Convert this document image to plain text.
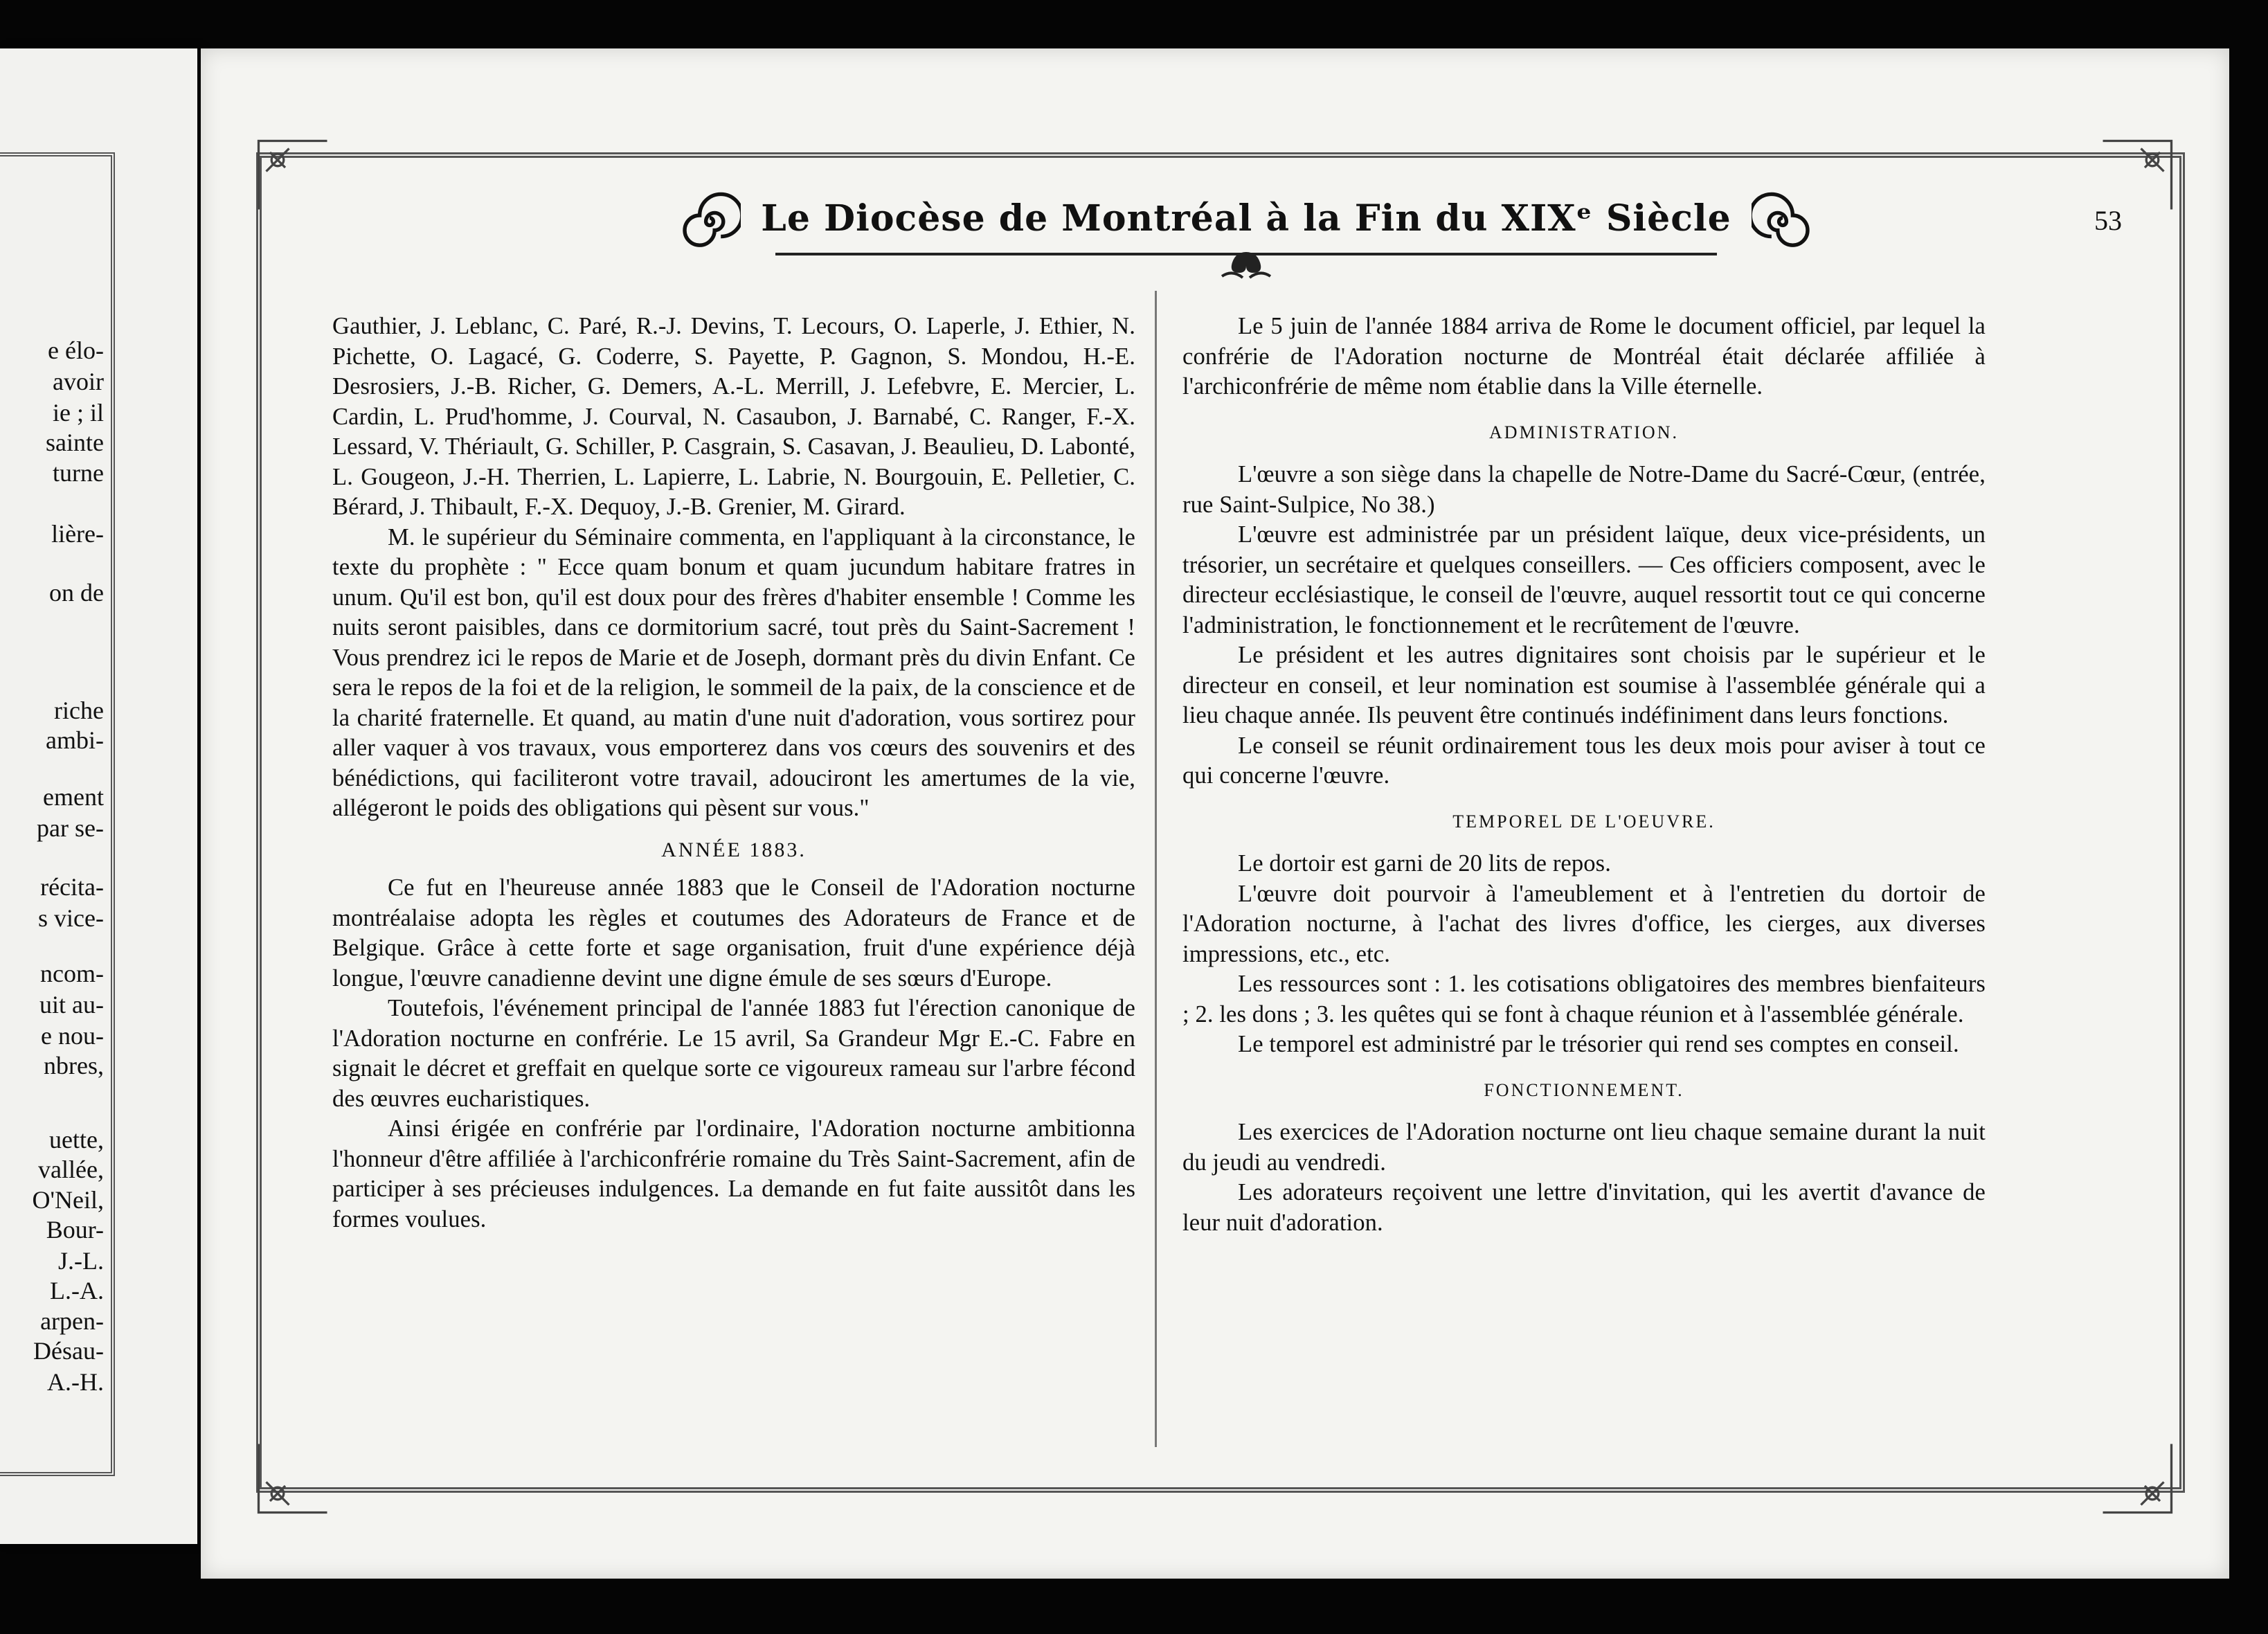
e élo-
avoir
ie ; il
sainte
turne
lière-
on de
riche
ambi-
ement
par se-
récita-
s vice-
ncom-
uit au-
e nou-
nbres,
uette,
vallée,
O'Neil,
Bour-
J.-L.
L.-A.
arpen-
Désau-
A.-H.
Le Diocèse de Montréal à la Fin du XIXᵉ Siècle	53

Gauthier, J. Leblanc, C. Paré, R.-J. Devins, T. Lecours, O. Laperle, J. Ethier, N. Pichette, O. Lagacé, G. Coderre, S. Payette, P. Gagnon, S. Mondou, H.-E. Desrosiers, J.-B. Richer, G. Demers, A.-L. Merrill, J. Lefebvre, E. Mercier, L. Cardin, L. Prud'homme, J. Courval, N. Casaubon, J. Barnabé, C. Ranger, F.-X. Lessard, V. Thériault, G. Schiller, P. Casgrain, S. Casavan, J. Beaulieu, D. Labonté, L. Gougeon, J.-H. Therrien, L. Lapierre, L. Labrie, N. Bourgouin, E. Pelletier, C. Bérard, J. Thibault, F.-X. Dequoy, J.-B. Grenier, M. Girard.

M. le supérieur du Séminaire commenta, en l'appliquant à la circonstance, le texte du prophète : " Ecce quam bonum et quam jucundum habitare fratres in unum. Qu'il est bon, qu'il est doux pour des frères d'habiter ensemble ! Comme les nuits seront paisibles, dans ce dormitorium sacré, tout près du Saint-Sacrement ! Vous prendrez ici le repos de Marie et de Joseph, dormant près du divin Enfant. Ce sera le repos de la foi et de la religion, le sommeil de la paix, de la conscience et de la charité fraternelle. Et quand, au matin d'une nuit d'adoration, vous sortirez pour aller vaquer à vos travaux, vous emporterez dans vos cœurs des souvenirs et des bénédictions, qui faciliteront votre travail, adouciront les amertumes de la vie, allégeront le poids des obligations qui pèsent sur vous."

ANNÉE 1883.

Ce fut en l'heureuse année 1883 que le Conseil de l'Adoration nocturne montréalaise adopta les règles et coutumes des Adorateurs de France et de Belgique. Grâce à cette forte et sage organisation, fruit d'une expérience déjà longue, l'œuvre canadienne devint une digne émule de ses sœurs d'Europe.

Toutefois, l'événement principal de l'année 1883 fut l'érection canonique de l'Adoration nocturne en confrérie. Le 15 avril, Sa Grandeur Mgr E.-C. Fabre en signait le décret et greffait en quelque sorte ce vigoureux rameau sur l'arbre fécond des œuvres eucharistiques.

Ainsi érigée en confrérie par l'ordinaire, l'Adoration nocturne ambitionna l'honneur d'être affiliée à l'archiconfrérie romaine du Très Saint-Sacrement, afin de participer à ses précieuses indulgences. La demande en fut faite aussitôt dans les formes voulues.

Le 5 juin de l'année 1884 arriva de Rome le document officiel, par lequel la confrérie de l'Adoration nocturne de Montréal était déclarée affiliée à l'archiconfrérie de même nom établie dans la Ville éternelle.

ADMINISTRATION.

L'œuvre a son siège dans la chapelle de Notre-Dame du Sacré-Cœur, (entrée, rue Saint-Sulpice, No 38.)

L'œuvre est administrée par un président laïque, deux vice-présidents, un trésorier, un secrétaire et quelques conseillers. — Ces officiers composent, avec le directeur ecclésiastique, le conseil de l'œuvre, auquel ressortit tout ce qui concerne l'administration, le fonctionnement et le recrûtement de l'œuvre.

Le président et les autres dignitaires sont choisis par le supérieur et le directeur en conseil, et leur nomination est soumise à l'assemblée générale qui a lieu chaque année. Ils peuvent être continués indéfiniment dans leurs fonctions.

Le conseil se réunit ordinairement tous les deux mois pour aviser à tout ce qui concerne l'œuvre.

TEMPOREL DE L'OEUVRE.

Le dortoir est garni de 20 lits de repos.

L'œuvre doit pourvoir à l'ameublement et à l'entretien du dortoir de l'Adoration nocturne, à l'achat des livres d'office, les cierges, aux diverses impressions, etc., etc.

Les ressources sont : 1. les cotisations obligatoires des membres bienfaiteurs ; 2. les dons ; 3. les quêtes qui se font à chaque réunion et à l'assemblée générale.

Le temporel est administré par le trésorier qui rend ses comptes en conseil.

FONCTIONNEMENT.

Les exercices de l'Adoration nocturne ont lieu chaque semaine durant la nuit du jeudi au vendredi.

Les adorateurs reçoivent une lettre d'invitation, qui les avertit d'avance de leur nuit d'adoration.
